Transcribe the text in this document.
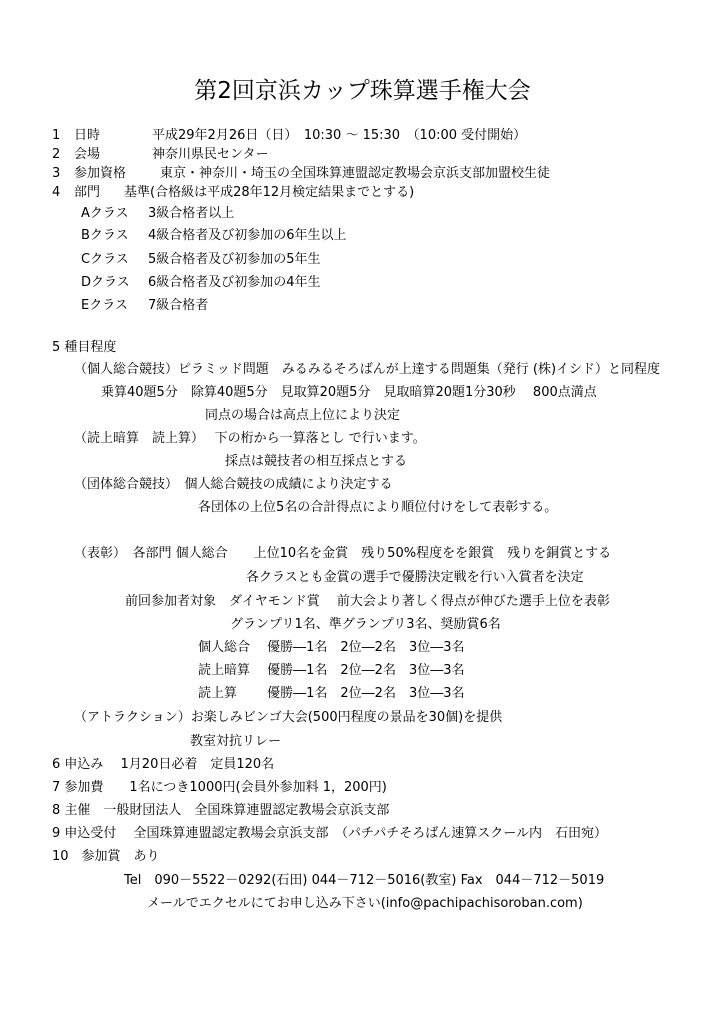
第2回京浜カップ珠算選手権大会
1 日時	平成29年2月26日（日）　10:30 ～ 15:30　（10:00 受付開始）
2 会場	神奈川県民センター
3 参加資格	東京・神奈川・埼玉の全国珠算連盟認定教場会京浜支部加盟校生徒
4 部門 基準(合格級は平成28年12月検定結果までとする)
Aクラス 3級合格者以上
Bクラス 4級合格者及び初参加の6年生以上
Cクラス 5級合格者及び初参加の5年生
Dクラス 6級合格者及び初参加の4年生
Eクラス 7級合格者
5 種目程度
（個人総合競技）ピラミッド問題　みるみるそろばんが上達する問題集（発行 (株)イシド）と同程度
乗算40題5分　除算40題5分　見取算20題5分　見取暗算20題1分30秒　 800点満点
同点の場合は高点上位により決定
（読上暗算　読上算）　 下の桁から一算落とし で行います。
採点は競技者の相互採点とする
（団体総合競技）　個人総合競技の成績により決定する
各団体の上位5名の合計得点により順位付けをして表彰する。
（表彰）　各部門 個人総合　　上位10名を金賞　残り50%程度をを銀賞　残りを銅賞とする
各クラスとも金賞の選手で優勝決定戦を行い入賞者を決定
前回参加者対象　ダイヤモンド賞　 前大会より著しく得点が伸びた選手上位を表彰
グランプリ1名、準グランプリ3名、奨励賞6名
個人総合　 優勝―1名　2位―2名　3位―3名
読上暗算　 優勝―1名　2位―2名　3位―3名
読上算　　 優勝―1名　2位―2名　3位―3名
（アトラクション）お楽しみビンゴ大会(500円程度の景品を30個)を提供
教室対抗リレー
6 申込み　 1月20日必着　定員120名
7 参加費　　1名につき1000円(会員外参加料 1，200円)
8 主催　一般財団法人　全国珠算連盟認定教場会京浜支部
9 申込受付　 全国珠算連盟認定教場会京浜支部　（パチパチそろばん速算スクール内　石田宛）
10　参加賞　あり
Tel　090－5522－0292(石田) 044－712－5016(教室) Fax　044－712－5019
メールでエクセルにてお申し込み下さい(info@pachipachisoroban.com)
